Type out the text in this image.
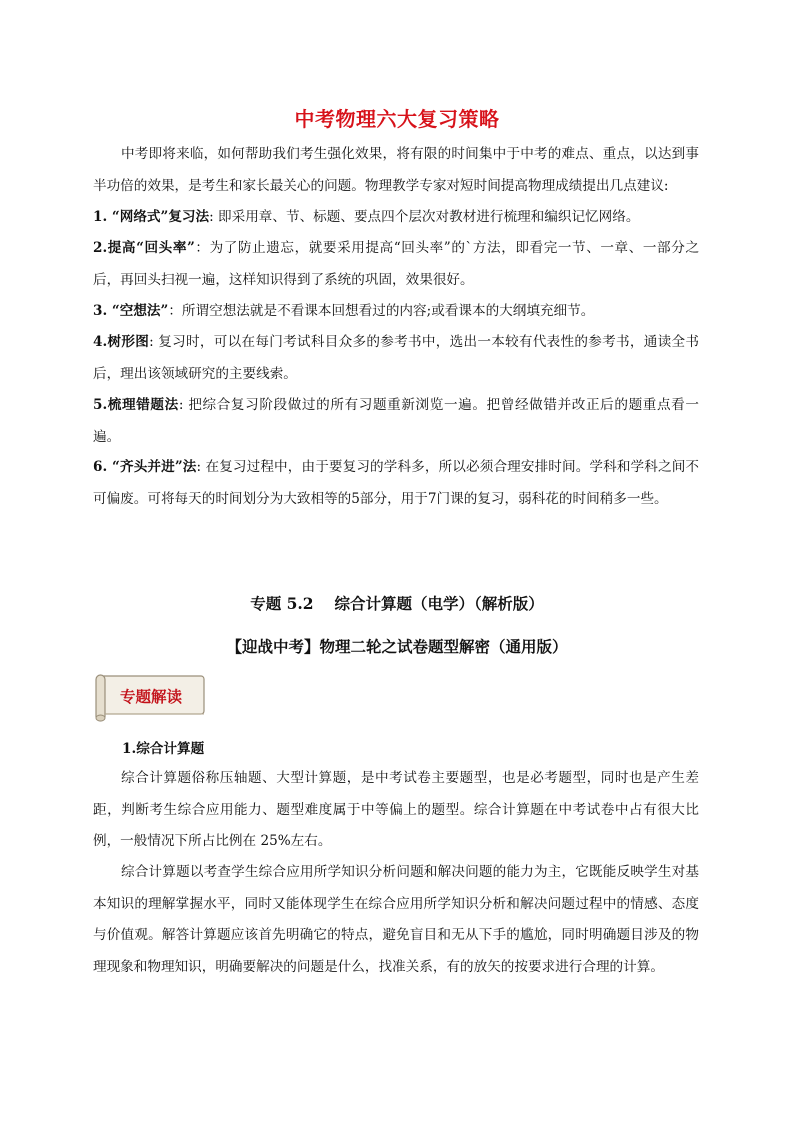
中考物理六大复习策略

中考即将来临，如何帮助我们考生强化效果，将有限的时间集中于中考的难点、重点，以达到事半功倍的效果，是考生和家长最关心的问题。物理教学专家对短时间提高物理成绩提出几点建议:

1. “网络式”复习法: 即采用章、节、标题、要点四个层次对教材进行梳理和编织记忆网络。

2.提高“回头率”：为了防止遗忘，就要采用提高“回头率”的`方法，即看完一节、一章、一部分之后，再回头扫视一遍，这样知识得到了系统的巩固，效果很好。

3. “空想法”：所谓空想法就是不看课本回想看过的内容;或看课本的大纲填充细节。

4.树形图: 复习时，可以在每门考试科目众多的参考书中，选出一本较有代表性的参考书，通读全书后，理出该领域研究的主要线索。

5.梳理错题法: 把综合复习阶段做过的所有习题重新浏览一遍。把曾经做错并改正后的题重点看一遍。

6. “齐头并进”法: 在复习过程中，由于要复习的学科多，所以必须合理安排时间。学科和学科之间不可偏废。可将每天的时间划分为大致相等的5部分，用于7门课的复习，弱科花的时间稍多一些。

专题 5.2　 综合计算题（电学）（解析版）
【迎战中考】物理二轮之试卷题型解密（通用版）
专题解读
1.综合计算题

综合计算题俗称压轴题、大型计算题，是中考试卷主要题型，也是必考题型，同时也是产生差距，判断考生综合应用能力、题型难度属于中等偏上的题型。综合计算题在中考试卷中占有很大比例，一般情况下所占比例在 25%左右。

综合计算题以考查学生综合应用所学知识分析问题和解决问题的能力为主，它既能反映学生对基本知识的理解掌握水平，同时又能体现学生在综合应用所学知识分析和解决问题过程中的情感、态度与价值观。解答计算题应该首先明确它的特点，避免盲目和无从下手的尴尬，同时明确题目涉及的物理现象和物理知识，明确要解决的问题是什么，找准关系，有的放矢的按要求进行合理的计算。
